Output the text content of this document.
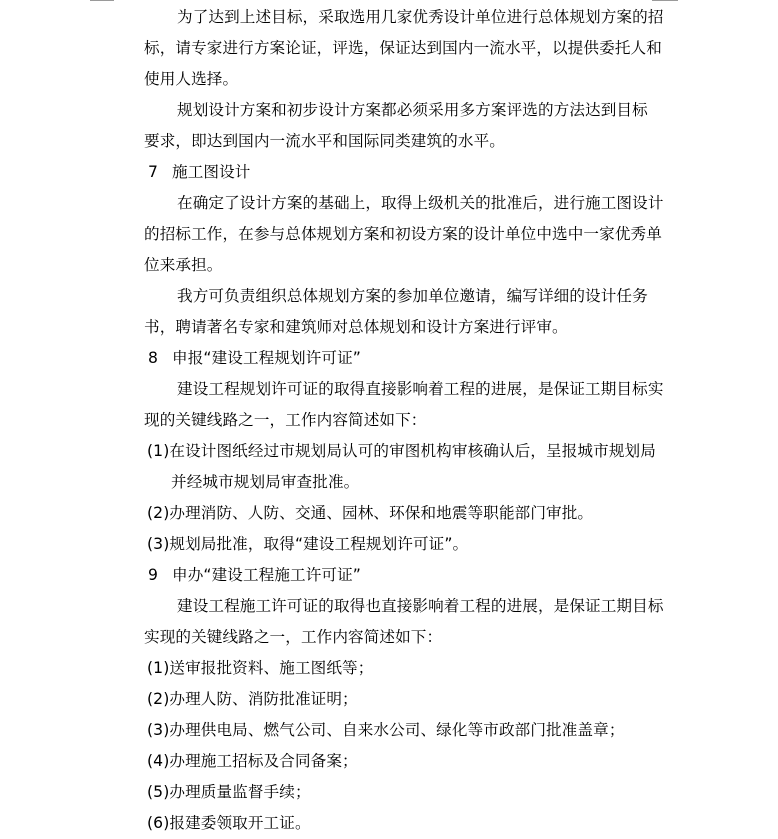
为了达到上述目标，采取选用几家优秀设计单位进行总体规划方案的招
标，请专家进行方案论证，评选，保证达到国内一流水平，以提供委托人和
使用人选择。
规划设计方案和初步设计方案都必须采用多方案评选的方法达到目标
要求，即达到国内一流水平和国际同类建筑的水平。
7 施工图设计
在确定了设计方案的基础上，取得上级机关的批准后，进行施工图设计
的招标工作，在参与总体规划方案和初设方案的设计单位中选中一家优秀单
位来承担。
我方可负责组织总体规划方案的参加单位邀请，编写详细的设计任务
书，聘请著名专家和建筑师对总体规划和设计方案进行评审。
8 申报“建设工程规划许可证”
建设工程规划许可证的取得直接影响着工程的进展，是保证工期目标实
现的关键线路之一，工作内容简述如下：
(1)在设计图纸经过市规划局认可的审图机构审核确认后，呈报城市规划局
并经城市规划局审查批准。
(2)办理消防、人防、交通、园林、环保和地震等职能部门审批。
(3)规划局批准，取得“建设工程规划许可证”。
9 申办“建设工程施工许可证”
建设工程施工许可证的取得也直接影响着工程的进展，是保证工期目标
实现的关键线路之一，工作内容简述如下：
(1)送审报批资料、施工图纸等；
(2)办理人防、消防批准证明；
(3)办理供电局、燃气公司、自来水公司、绿化等市政部门批准盖章；
(4)办理施工招标及合同备案；
(5)办理质量监督手续；
(6)报建委领取开工证。
